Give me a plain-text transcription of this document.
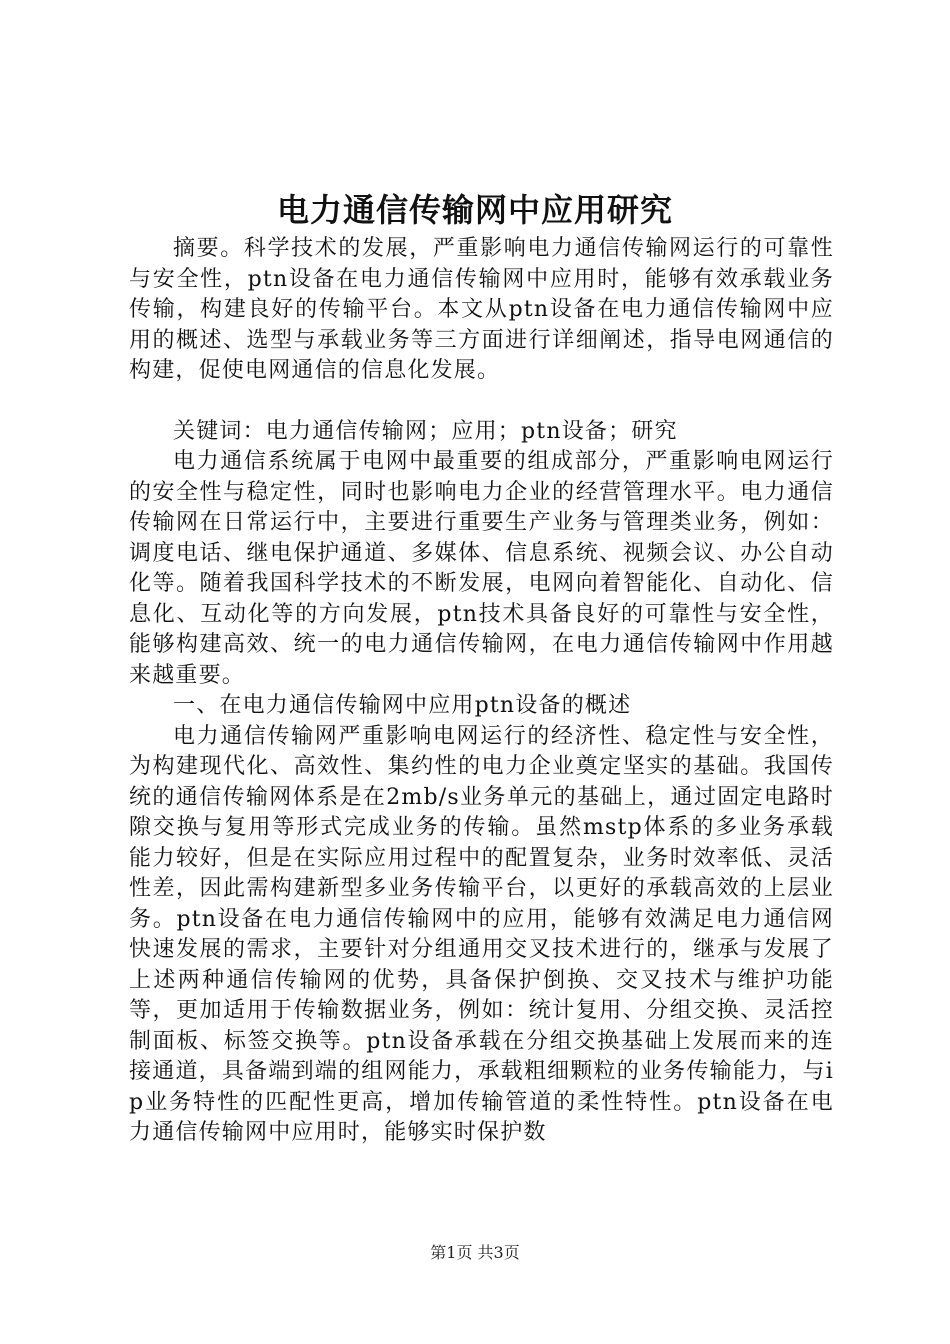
电力通信传输网中应用研究

摘要。科学技术的发展，严重影响电力通信传输网运行的可靠性与安全性，ptn设备在电力通信传输网中应用时，能够有效承载业务传输，构建良好的传输平台。本文从ptn设备在电力通信传输网中应用的概述、选型与承载业务等三方面进行详细阐述，指导电网通信的构建，促使电网通信的信息化发展。

关键词：电力通信传输网；应用；ptn设备；研究

电力通信系统属于电网中最重要的组成部分，严重影响电网运行的安全性与稳定性，同时也影响电力企业的经营管理水平。电力通信传输网在日常运行中，主要进行重要生产业务与管理类业务，例如：调度电话、继电保护通道、多媒体、信息系统、视频会议、办公自动化等。随着我国科学技术的不断发展，电网向着智能化、自动化、信息化、互动化等的方向发展，ptn技术具备良好的可靠性与安全性，能够构建高效、统一的电力通信传输网，在电力通信传输网中作用越来越重要。

一、在电力通信传输网中应用ptn设备的概述

电力通信传输网严重影响电网运行的经济性、稳定性与安全性，为构建现代化、高效性、集约性的电力企业奠定坚实的基础。我国传统的通信传输网体系是在2mb/s业务单元的基础上，通过固定电路时隙交换与复用等形式完成业务的传输。虽然mstp体系的多业务承载能力较好，但是在实际应用过程中的配置复杂，业务时效率低、灵活性差，因此需构建新型多业务传输平台，以更好的承载高效的上层业务。ptn设备在电力通信传输网中的应用，能够有效满足电力通信网快速发展的需求，主要针对分组通用交叉技术进行的，继承与发展了上述两种通信传输网的优势，具备保护倒换、交叉技术与维护功能等，更加适用于传输数据业务，例如：统计复用、分组交换、灵活控制面板、标签交换等。ptn设备承载在分组交换基础上发展而来的连接通道，具备端到端的组网能力，承载粗细颗粒的业务传输能力，与ip业务特性的匹配性更高，增加传输管道的柔性特性。ptn设备在电力通信传输网中应用时，能够实时保护数

第1页 共3页
